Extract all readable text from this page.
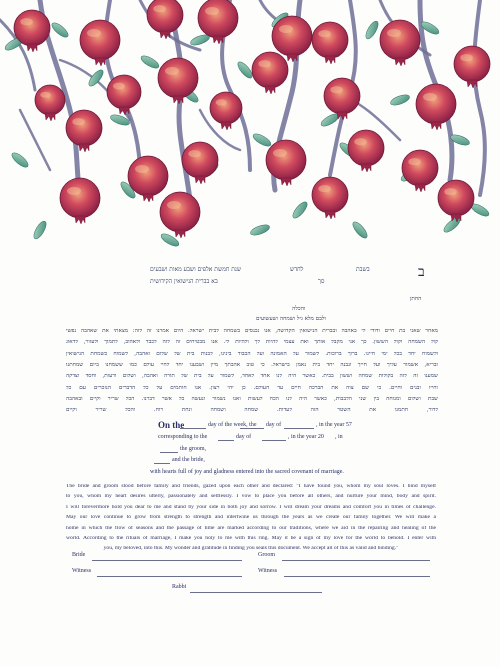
ב
בשבת
לחדש
שנת חמשת אלפים ושבע מאות ושבעים
סך
בא בברית הנישואין הקידושית
החתן
והכלה
ולבם מלא גיל ושמחה ושעשועים
מאחר שאני בת חיים ודודי לי באהבה ובברית הנישואין הקדושה, אנו נכנסים בשמחה לבית ישראל. היום אמרנו זה לזה: מצאתי את שאהבה נפשי
קול השמחה וקול הששון. כך אני מקבל אותך ואת עצמי להיות לך ולהיות לי. אנו מבטיחים זה לזה לכבד ולאהוב, לתמוך ולעזור, לדאוג
ולשמוח יחד בכל ימי חיינו. ברוך ברוכות. לשמור על האמונה ועל הכבוד בינינו, לבנות בית של שלום ואהבה, לשמוח בשמחת הנישואין
ובריא, אשמור עליך ועל חייך ונבנה יחד בית נאמן בישראל. כי טוב אהבתך מיין ושבענו יחד לחיי עולם כמו ששמחנו ביום שמחתנו
שמענו זה לזה בקולות שמחה וששון בבית. כאשר היה לנו אחד לאחד, לשמור על בית של תורה ואהבה, ושלום ורעות, וחסד וצדקה
וחייו ובנים וחיים. כי שם צוה את הברכה חיים עד העולם. כן יהי רצון. אנו חותמים על כל הדברים הנזכרים עם כל
שבת ושלום ומנוחה בין שני הלבבות, כאשר היה לנו הכח לעשות ואנו נשמור ונעשה כל אשר דברנו. הכל שריר וקיים ובאהבה
לדור, חתמנו את השטר הזה לעדות. שמחה ושמחה ונחת רוח. והכל שריר וקיים
On the	day of the week, the day of	, in the year 57
corresponding to the	day of	, in the year 20 , in
the groom,
and the bride,
with hearts full of joy and gladness entered into the sacred covenant of marriage.
The bride and groom stood before family and friends, gazed upon each other and declared: "I have found you, whom my soul loves. I bind myself
to you, whom my heart desires utterly, passionately and selflessly. I vow to place you before all others, and nurture your mind, body and spirit.
I will forevermore hold you dear to me and stand by your side in both joy and sorrow. I will dream your dreams and comfort you in times of challenge.
May our love continue to grow from strength to strength and intertwine us through the years as we create our family together. We will make a
home in which the flow of seasons and the passage of time are marked according to our traditions, where we aid in the repairing and healing of the
world. According to the rituals of marriage, I make you holy to me with this ring. May it be a sign of my love for the world to behold. I enter with
you, my beloved, into this. My wonder and gratitude in finding you seals this document. We accept all of this as valid and binding."
Bride	Groom
Witness	Witness
Rabbi
